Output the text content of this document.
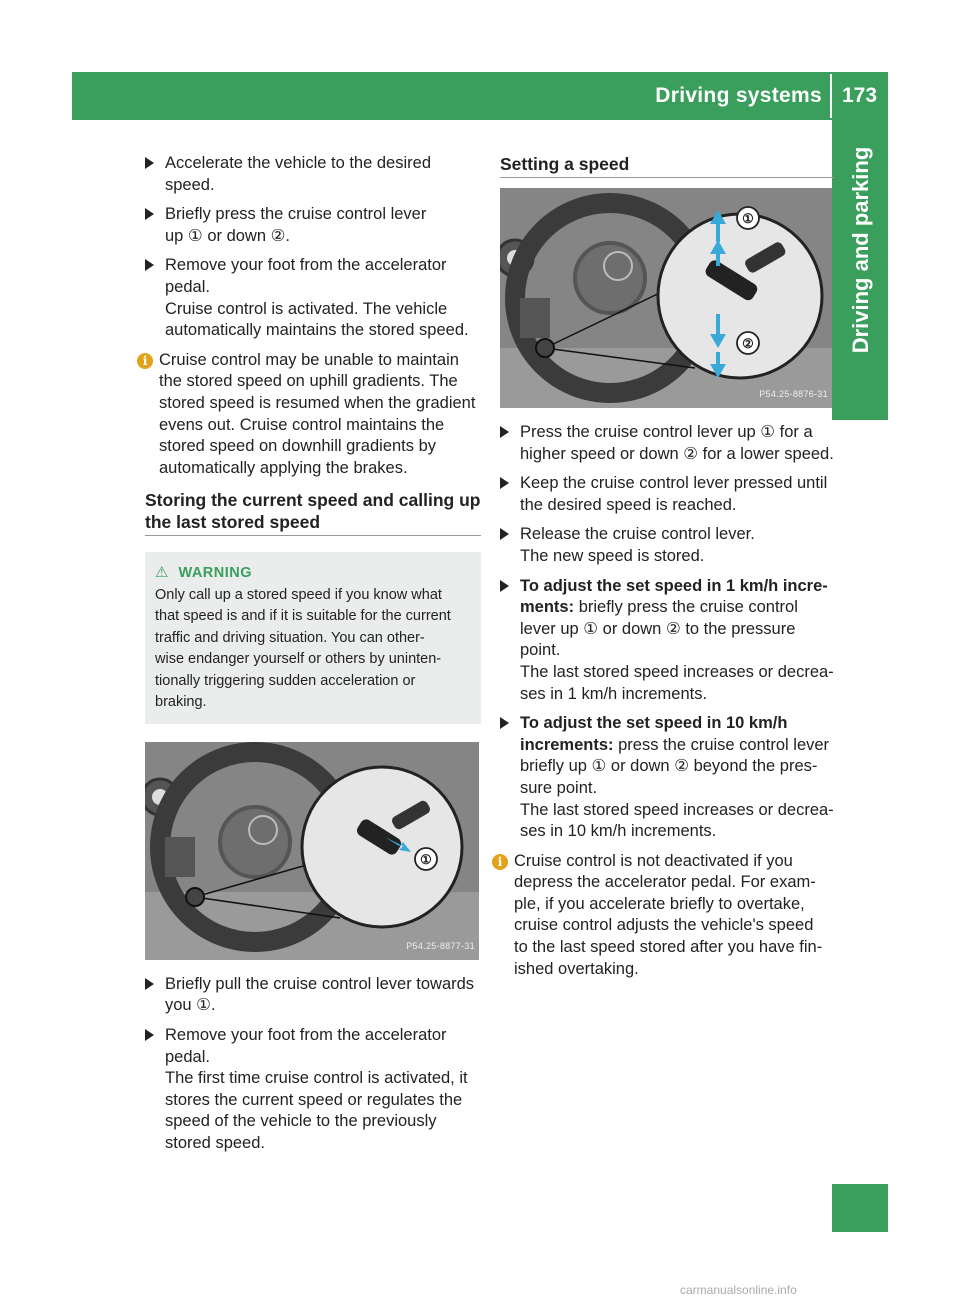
Driving systems 173
Driving and parking

Accelerate the vehicle to the desired
speed.

Briefly press the cruise control lever
up ① or down ②.

Remove your foot from the accelerator
pedal.
Cruise control is activated. The vehicle
automatically maintains the stored speed.

i Cruise control may be unable to maintain
the stored speed on uphill gradients. The
stored speed is resumed when the gradient
evens out. Cruise control maintains the
stored speed on downhill gradients by
automatically applying the brakes.
Storing the current speed and calling up
the last stored speed
⚠ WARNING
Only call up a stored speed if you know what
that speed is and if it is suitable for the current
traffic and driving situation. You can other-
wise endanger yourself or others by uninten-
tionally triggering sudden acceleration or
braking.
①
P54.25-8877-31

Briefly pull the cruise control lever towards
you ①.

Remove your foot from the accelerator
pedal.
The first time cruise control is activated, it
stores the current speed or regulates the
speed of the vehicle to the previously
stored speed.

Setting a speed
①
②
P54.25-8876-31

Press the cruise control lever up ① for a
higher speed or down ② for a lower speed.

Keep the cruise control lever pressed until
the desired speed is reached.

Release the cruise control lever.
The new speed is stored.

To adjust the set speed in 1 km/h incre-
ments: briefly press the cruise control
lever up ① or down ② to the pressure
point.
The last stored speed increases or decrea-
ses in 1 km/h increments.

To adjust the set speed in 10 km/h
increments: press the cruise control lever
briefly up ① or down ② beyond the pres-
sure point.
The last stored speed increases or decrea-
ses in 10 km/h increments.

i Cruise control is not deactivated if you
depress the accelerator pedal. For exam-
ple, if you accelerate briefly to overtake,
cruise control adjusts the vehicle's speed
to the last speed stored after you have fin-
ished overtaking.
carmanualsonline.info
